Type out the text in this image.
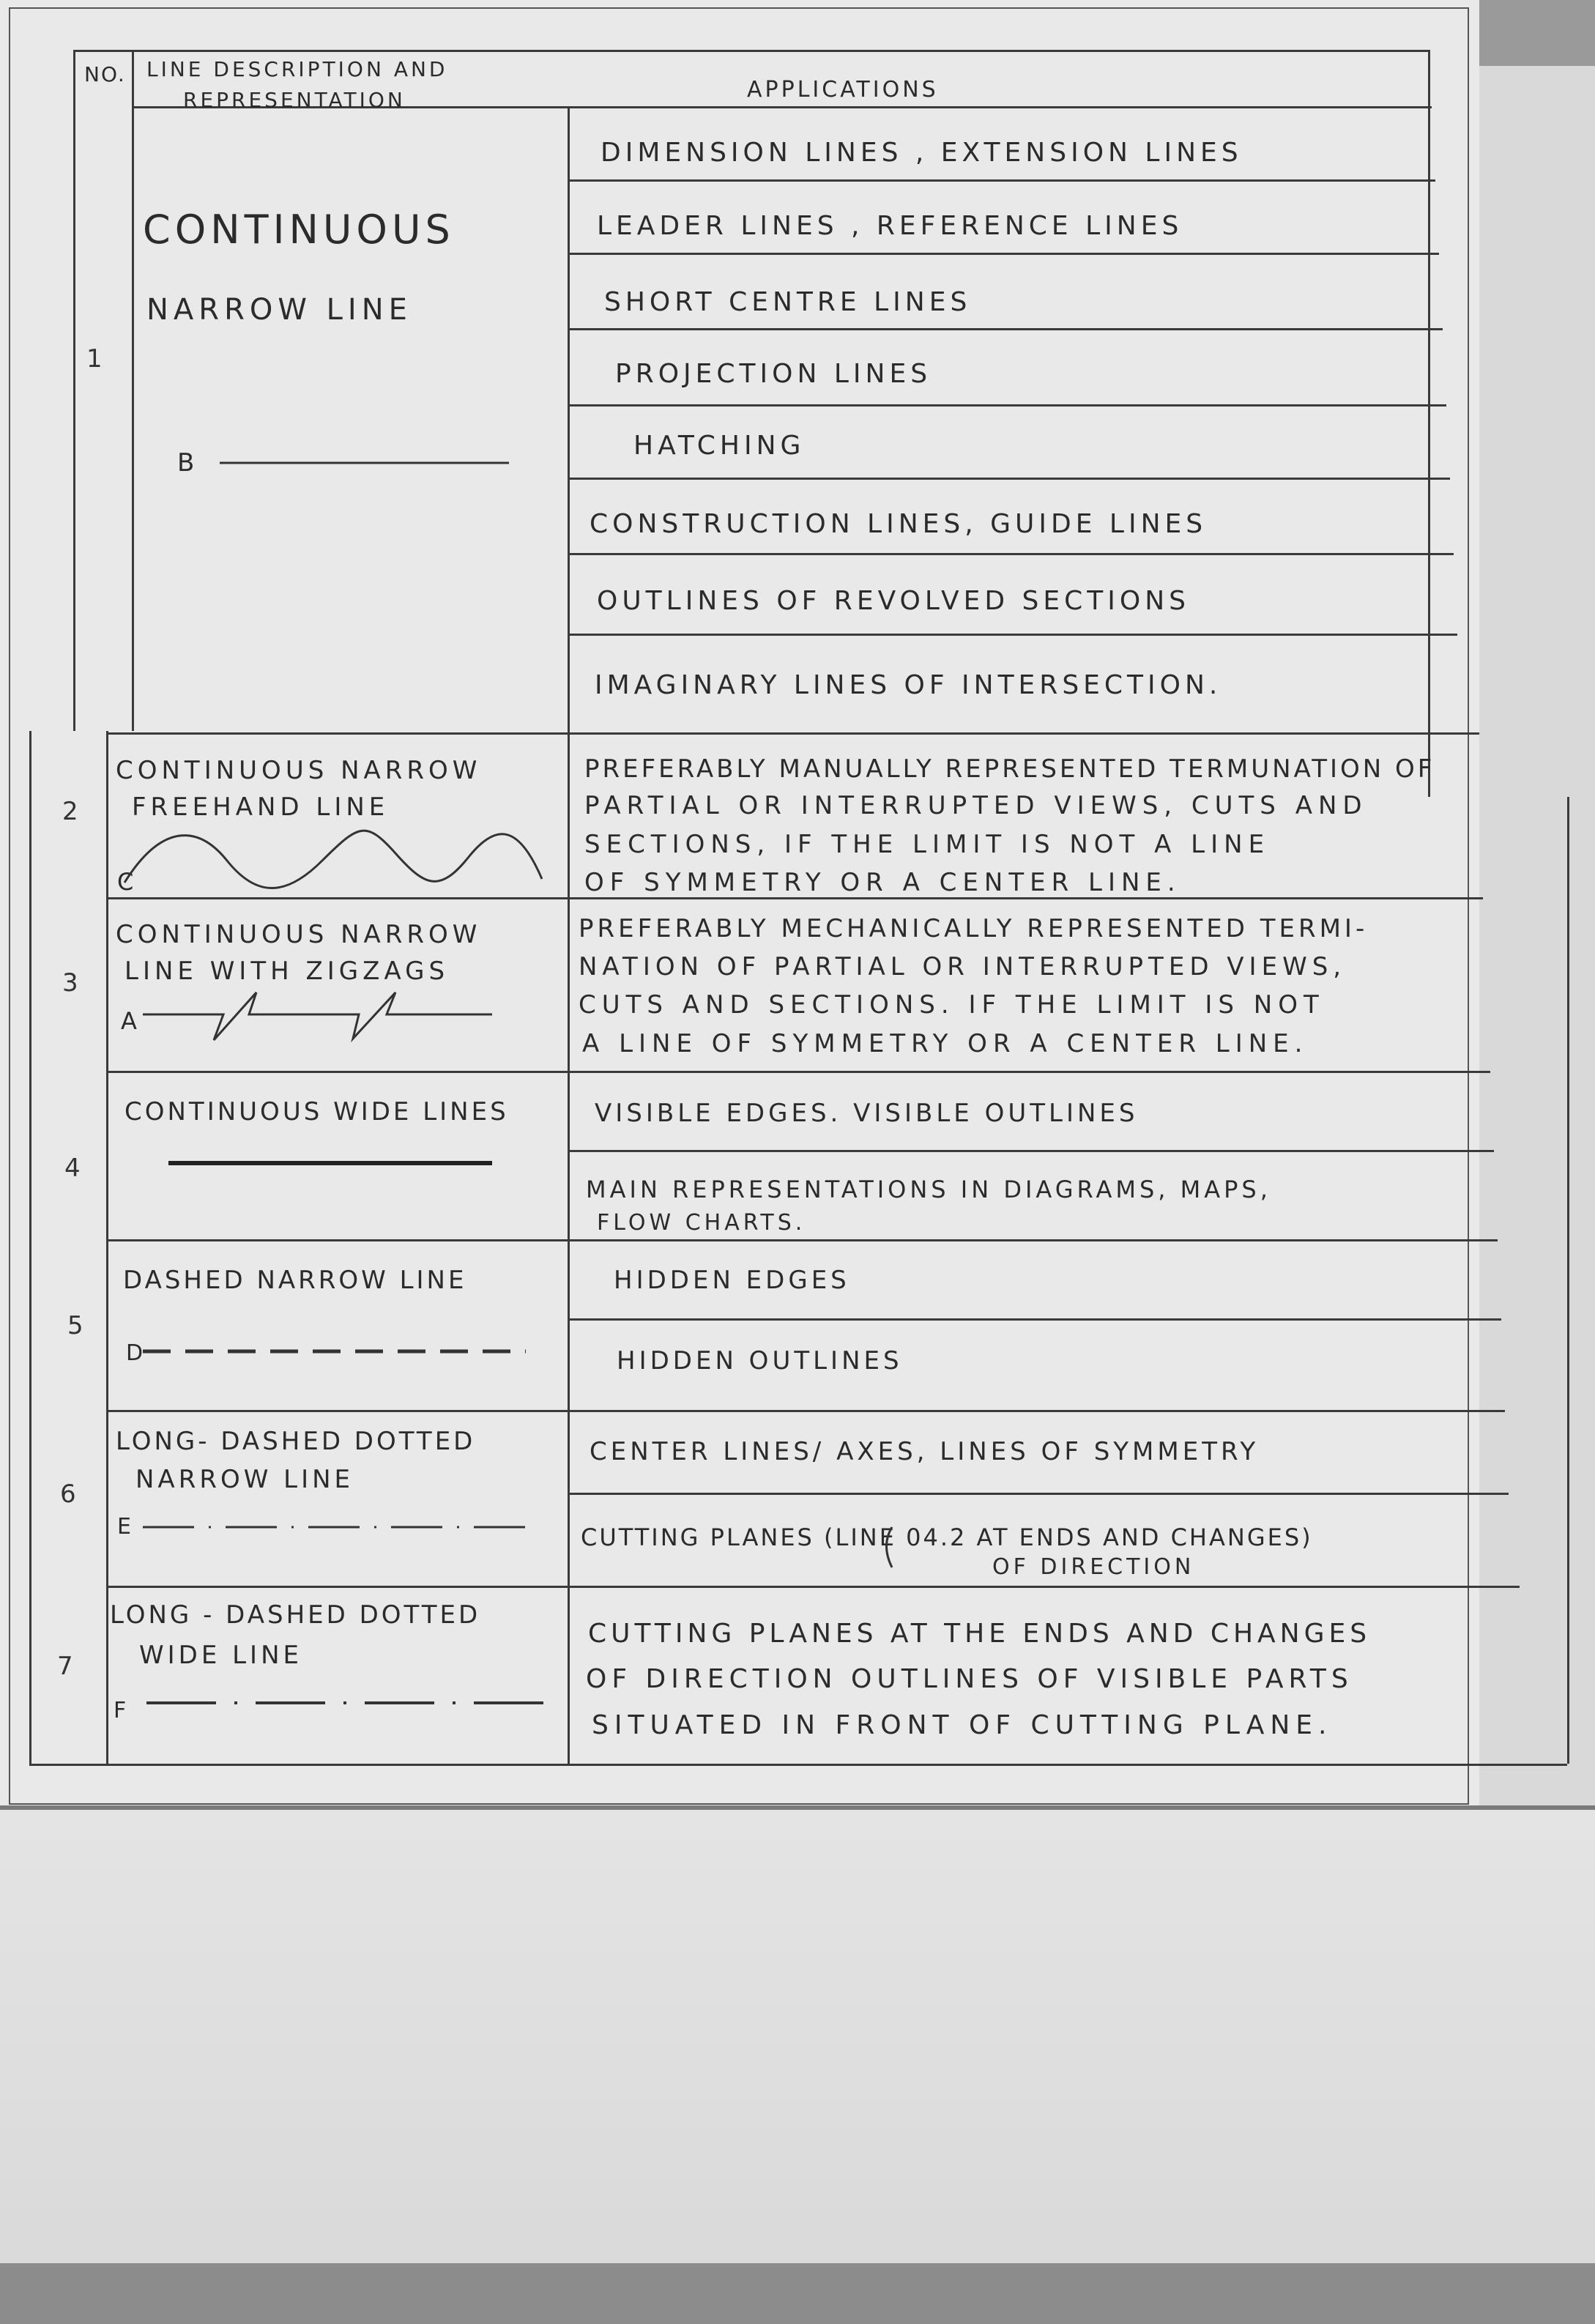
NO. LINE DESCRIPTION AND
REPRESENTATION	APPLICATIONS
1
2
3
4
5
6
7
CONTINUOUS
NARROW LINE
B
DIMENSION LINES , EXTENSION LINES
LEADER LINES , REFERENCE LINES
SHORT CENTRE LINES
PROJECTION LINES
HATCHING
CONSTRUCTION LINES, GUIDE LINES
OUTLINES OF REVOLVED SECTIONS
IMAGINARY LINES OF INTERSECTION.
CONTINUOUS NARROW
FREEHAND LINE
C
PREFERABLY MANUALLY REPRESENTED TERMUNATION OF
PARTIAL OR INTERRUPTED VIEWS, CUTS AND
SECTIONS, IF THE LIMIT IS NOT A LINE
OF SYMMETRY OR A CENTER LINE.
CONTINUOUS NARROW
LINE WITH ZIGZAGS
A
PREFERABLY MECHANICALLY REPRESENTED TERMI-
NATION OF PARTIAL OR INTERRUPTED VIEWS,
CUTS AND SECTIONS. IF THE LIMIT IS NOT
A LINE OF SYMMETRY OR A CENTER LINE.
CONTINUOUS WIDE LINES	VISIBLE EDGES. VISIBLE OUTLINES
MAIN REPRESENTATIONS IN DIAGRAMS, MAPS,
FLOW CHARTS.
DASHED NARROW LINE
D
HIDDEN EDGES
HIDDEN OUTLINES
LONG- DASHED DOTTED
NARROW LINE
E
CENTER LINES/ AXES, LINES OF SYMMETRY
CUTTING PLANES (LINE 04.2 AT ENDS AND CHANGES)
OF DIRECTION
LONG - DASHED DOTTED
WIDE LINE
F
CUTTING PLANES AT THE ENDS AND CHANGES
OF DIRECTION OUTLINES OF VISIBLE PARTS
SITUATED IN FRONT OF CUTTING PLANE.
